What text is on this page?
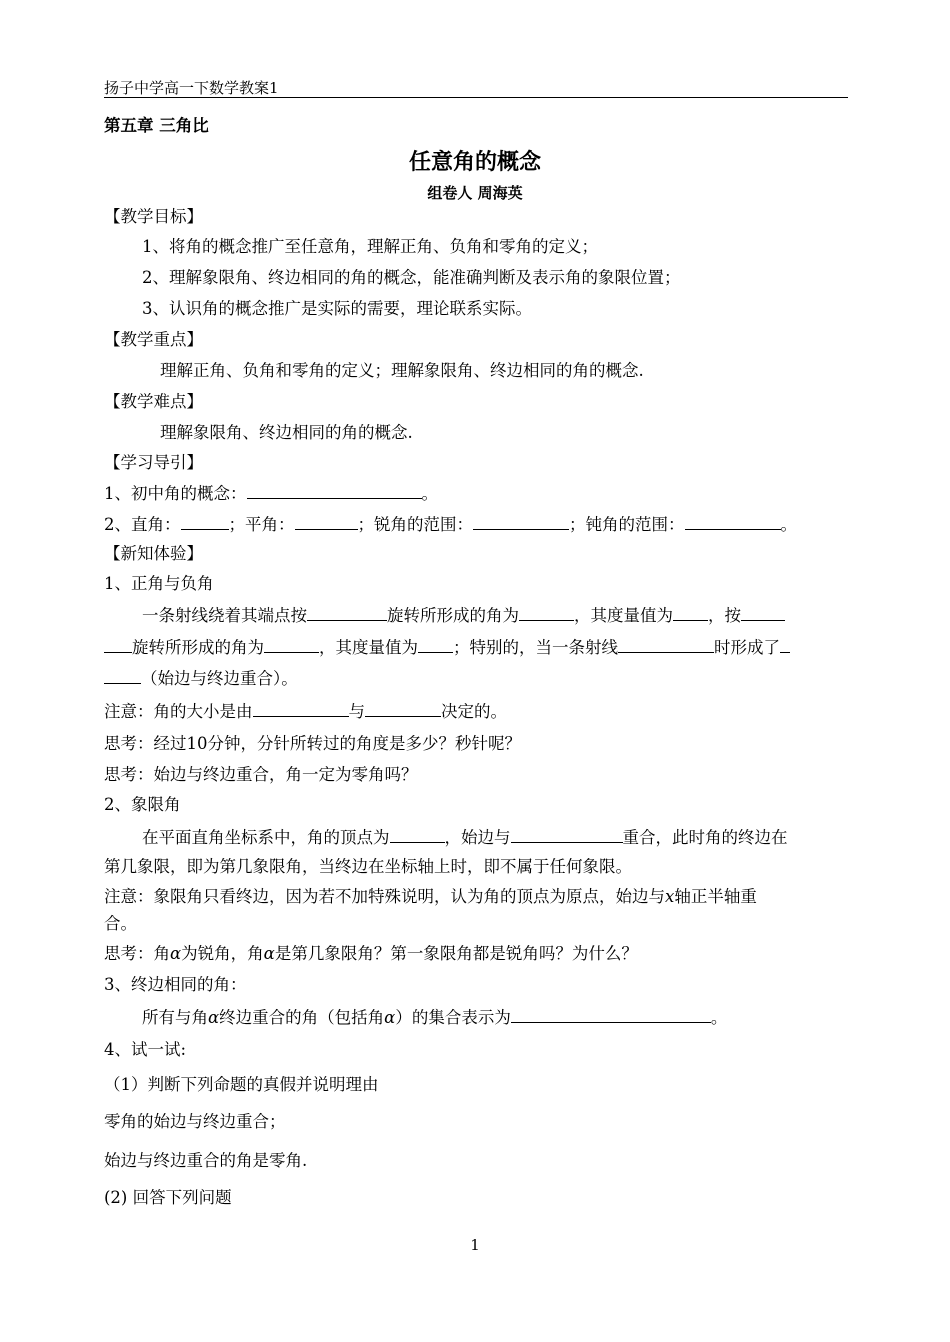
扬子中学高一下数学教案1
第五章 三角比
任意角的概念
组卷人 周海英
【教学目标】
1、将角的概念推广至任意角，理解正角、负角和零角的定义；
2、理解象限角、终边相同的角的概念，能准确判断及表示角的象限位置；
3、认识角的概念推广是实际的需要，理论联系实际。
【教学重点】
理解正角、负角和零角的定义；理解象限角、终边相同的角的概念.
【教学难点】
理解象限角、终边相同的角的概念.
【学习导引】
1、初中角的概念：	。
2、直角：	；平角：	；锐角的范围：	；钝角的范围：	。
【新知体验】
1、正角与负角
一条射线绕着其端点按	旋转所形成的角为	，其度量值为 ，按
旋转所形成的角为	，其度量值为 ；特别的，当一条射线	时形成了
（始边与终边重合）。
注意：角的大小是由	与	决定的。
思考：经过10分钟，分针所转过的角度是多少？秒针呢？
思考：始边与终边重合，角一定为零角吗？
2、象限角
在平面直角坐标系中，角的顶点为	，始边与	重合，此时角的终边在
第几象限，即为第几象限角，当终边在坐标轴上时，即不属于任何象限。
注意：象限角只看终边，因为若不加特殊说明，认为角的顶点为原点，始边与x轴正半轴重
合。
思考：角α为锐角，角α是第几象限角？第一象限角都是锐角吗？为什么？
3、终边相同的角：
所有与角α终边重合的角（包括角α）的集合表示为	。
4、试一试:
（1）判断下列命题的真假并说明理由
零角的始边与终边重合；
始边与终边重合的角是零角.
(2) 回答下列问题
1
